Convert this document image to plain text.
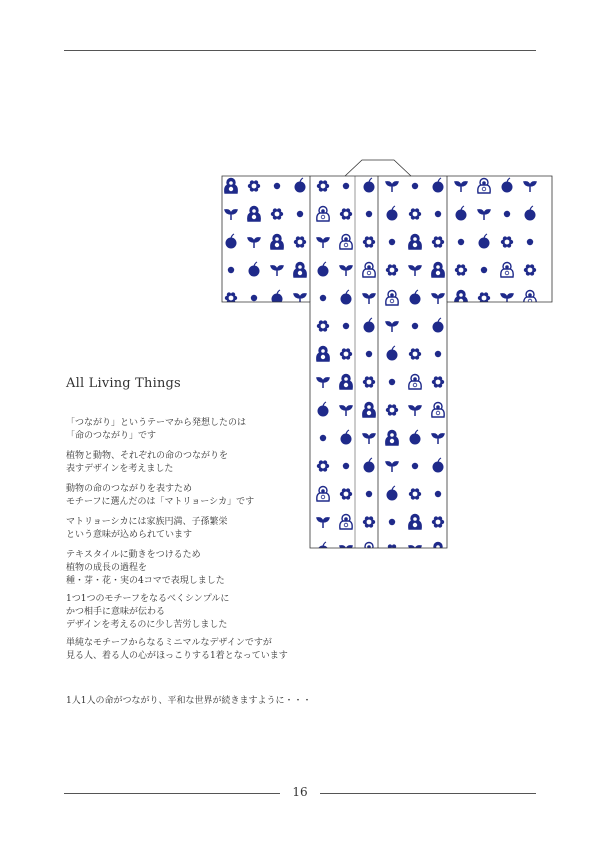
All Living Things

「つながり」というテーマから発想したのは
「命のつながり」です

植物と動物、それぞれの命のつながりを
表すデザインを考えました

動物の命のつながりを表すため
モチーフに選んだのは「マトリョーシカ」です

マトリョーシカには家族円満、子孫繁栄
という意味が込められています

テキスタイルに動きをつけるため
植物の成長の過程を
種・芽・花・実の4コマで表現しました

1つ1つのモチーフをなるべくシンプルに
かつ相手に意味が伝わる
デザインを考えるのに少し苦労しました

単純なモチーフからなるミニマルなデザインですが
見る人、着る人の心がほっこりする1着となっています

1人1人の命がつながり、平和な世界が続きますように・・・
16
